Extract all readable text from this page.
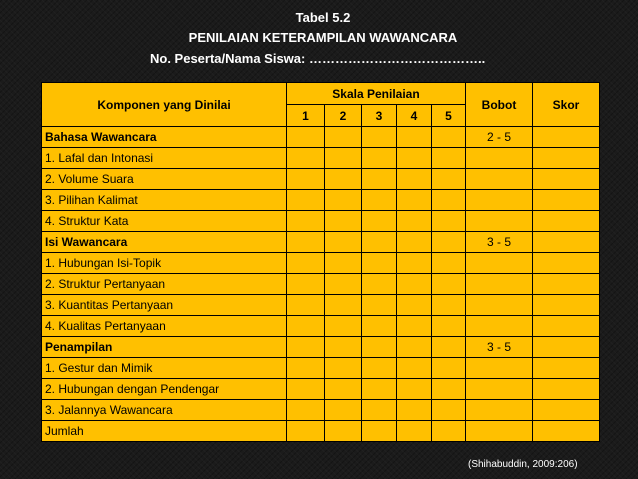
Tabel 5.2
PENILAIAN KETERAMPILAN WAWANCARA
No. Peserta/Nama Siswa: …………………………………..
Komponen yang Dinilai	Skala Penilaian					Bobot	Skor
	1	2	3	4	5		
Bahasa Wawancara						2 - 5	
1. Lafal dan Intonasi							
2. Volume Suara							
3. Pilihan Kalimat							
4. Struktur Kata							
Isi Wawancara						3 - 5	
1. Hubungan Isi-Topik							
2. Struktur Pertanyaan							
3. Kuantitas Pertanyaan							
4. Kualitas Pertanyaan							
Penampilan						3 - 5	
1. Gestur dan Mimik							
2. Hubungan dengan Pendengar							
3. Jalannya Wawancara							
Jumlah							
(Shihabuddin, 2009:206)
